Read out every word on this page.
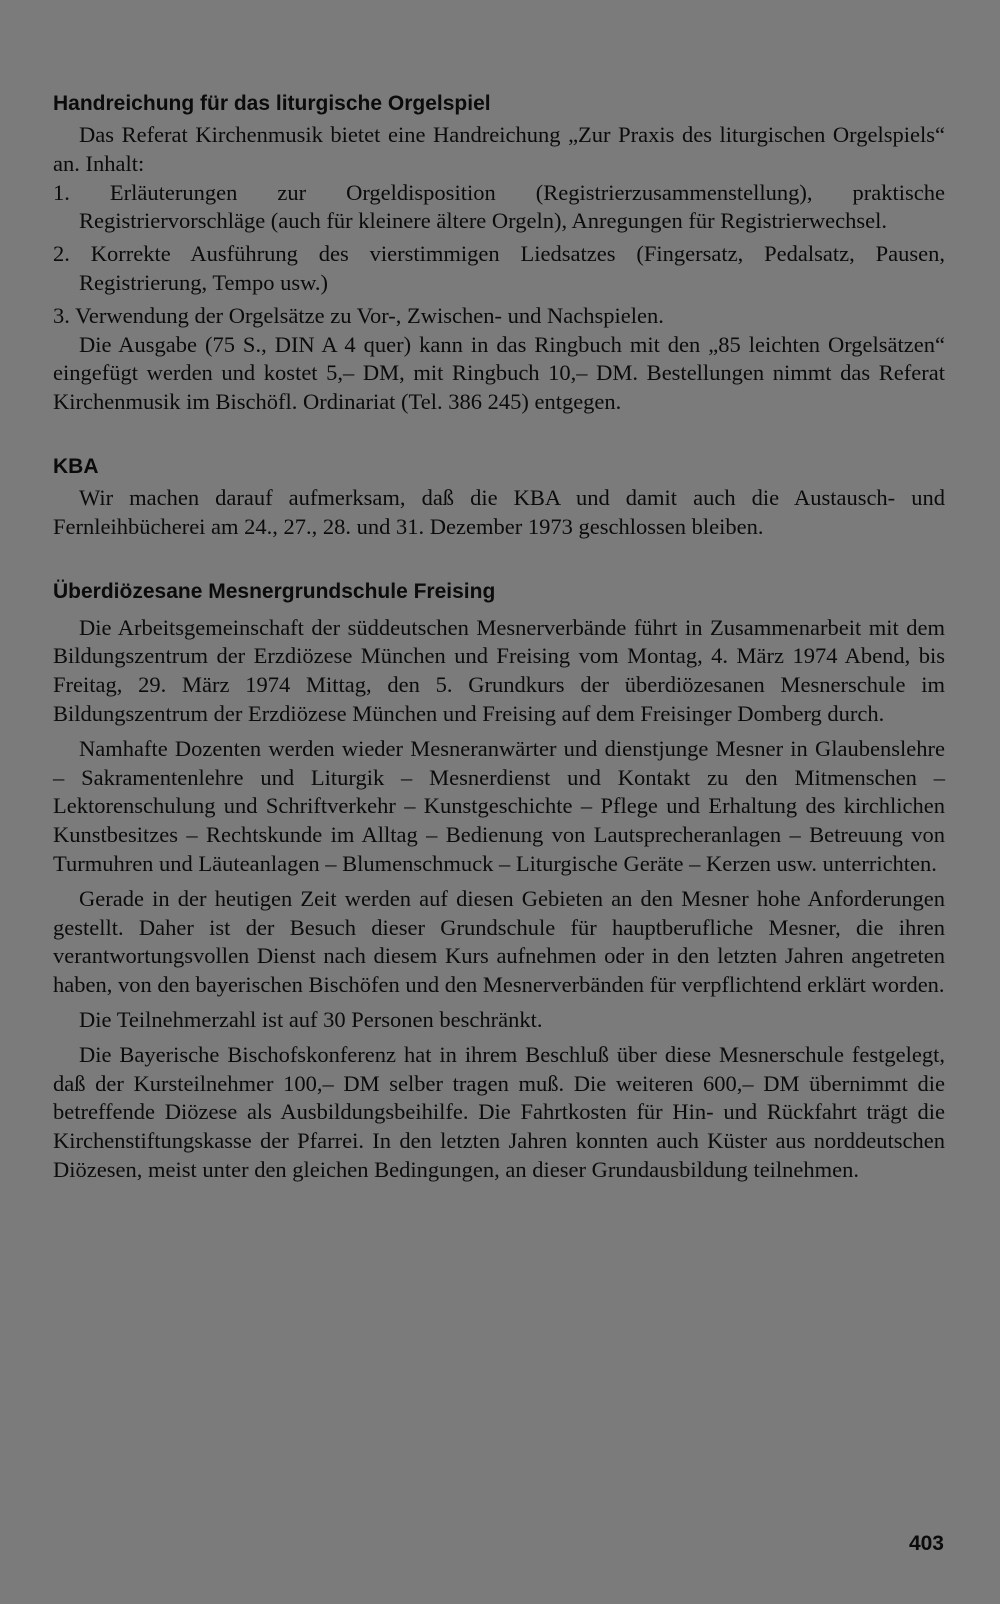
Handreichung für das liturgische Orgelspiel

Das Referat Kirchenmusik bietet eine Handreichung „Zur Praxis des liturgischen Orgelspiels“ an. Inhalt:

1. Erläuterungen zur Orgeldisposition (Registrierzusammenstellung), praktische Registriervorschläge (auch für kleinere ältere Orgeln), Anregungen für Registrierwechsel.

2. Korrekte Ausführung des vierstimmigen Liedsatzes (Fingersatz, Pedalsatz, Pausen, Registrierung, Tempo usw.)

3. Verwendung der Orgelsätze zu Vor-, Zwischen- und Nachspielen.

Die Ausgabe (75 S., DIN A 4 quer) kann in das Ringbuch mit den „85 leichten Orgelsätzen“ eingefügt werden und kostet 5,– DM, mit Ringbuch 10,– DM. Bestellungen nimmt das Referat Kirchenmusik im Bischöfl. Ordinariat (Tel. 386 245) entgegen.

KBA

Wir machen darauf aufmerksam, daß die KBA und damit auch die Austausch- und Fernleihbücherei am 24., 27., 28. und 31. Dezember 1973 geschlossen bleiben.

Überdiözesane Mesnergrundschule Freising

Die Arbeitsgemeinschaft der süddeutschen Mesnerverbände führt in Zusammenarbeit mit dem Bildungszentrum der Erzdiözese München und Freising vom Montag, 4. März 1974 Abend, bis Freitag, 29. März 1974 Mittag, den 5. Grundkurs der überdiözesanen Mesnerschule im Bildungszentrum der Erzdiözese München und Freising auf dem Freisinger Domberg durch.

Namhafte Dozenten werden wieder Mesneranwärter und dienstjunge Mesner in Glaubenslehre – Sakramentenlehre und Liturgik – Mesnerdienst und Kontakt zu den Mitmenschen – Lektorenschulung und Schriftverkehr – Kunstgeschichte – Pflege und Erhaltung des kirchlichen Kunstbesitzes – Rechtskunde im Alltag – Bedienung von Lautsprecheranlagen – Betreuung von Turmuhren und Läuteanlagen – Blumenschmuck – Liturgische Geräte – Kerzen usw. unterrichten.

Gerade in der heutigen Zeit werden auf diesen Gebieten an den Mesner hohe Anforderungen gestellt. Daher ist der Besuch dieser Grundschule für hauptberufliche Mesner, die ihren verantwortungsvollen Dienst nach diesem Kurs aufnehmen oder in den letzten Jahren angetreten haben, von den bayerischen Bischöfen und den Mesnerverbänden für verpflichtend erklärt worden.

Die Teilnehmerzahl ist auf 30 Personen beschränkt.

Die Bayerische Bischofskonferenz hat in ihrem Beschluß über diese Mesnerschule festgelegt, daß der Kursteilnehmer 100,– DM selber tragen muß. Die weiteren 600,– DM übernimmt die betreffende Diözese als Ausbildungsbeihilfe. Die Fahrtkosten für Hin- und Rückfahrt trägt die Kirchenstiftungskasse der Pfarrei. In den letzten Jahren konnten auch Küster aus norddeutschen Diözesen, meist unter den gleichen Bedingungen, an dieser Grundausbildung teilnehmen.

403
